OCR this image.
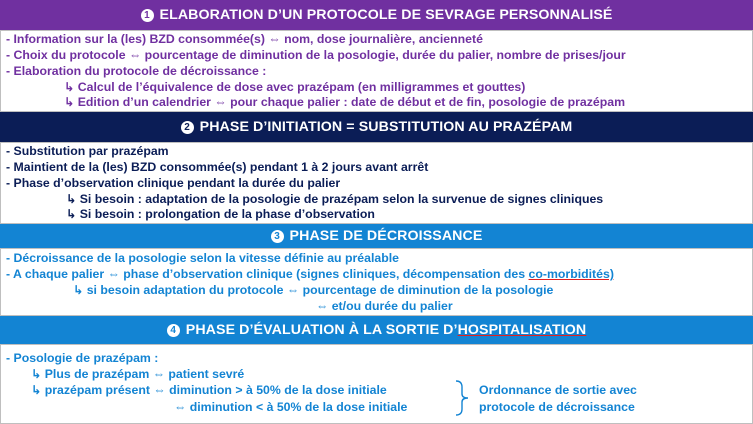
1 ELABORATION D’UN PROTOCOLE DE SEVRAGE PERSONNALISÉ
- Information sur la (les) BZD consommée(s) ⇔ nom, dose journalière, ancienneté
- Choix du protocole ⇔ pourcentage de diminution de la posologie, durée du palier, nombre de prises/jour
- Elaboration du protocole de décroissance :
↳ Calcul de l’équivalence de dose avec prazépam (en milligrammes et gouttes)
↳ Edition d’un calendrier ⇔ pour chaque palier : date de début et de fin, posologie de prazépam
2 PHASE D’INITIATION = SUBSTITUTION AU PRAZÉPAM
- Substitution par prazépam
- Maintient de la (les) BZD consommée(s) pendant 1 à 2 jours avant arrêt
- Phase d’observation clinique pendant la durée du palier
↳ Si besoin : adaptation de la posologie de prazépam selon la survenue de signes cliniques
↳ Si besoin : prolongation de la phase d’observation
3 PHASE DE DÉCROISSANCE
- Décroissance de la posologie selon la vitesse définie au préalable
- A chaque palier ⇔ phase d’observation clinique (signes cliniques, décompensation des co-morbidités)
↳ si besoin adaptation du protocole ⇔ pourcentage de diminution de la posologie
⇔ et/ou durée du palier
4 PHASE D’ÉVALUATION À LA SORTIE D’ HOSPITALISATION
- Posologie de prazépam :
↳ Plus de prazépam ⇔ patient sevré
↳ prazépam présent ⇔ diminution > à 50% de la dose initiale
⇔ diminution < à 50% de la dose initiale
Ordonnance de sortie avec
protocole de décroissance
